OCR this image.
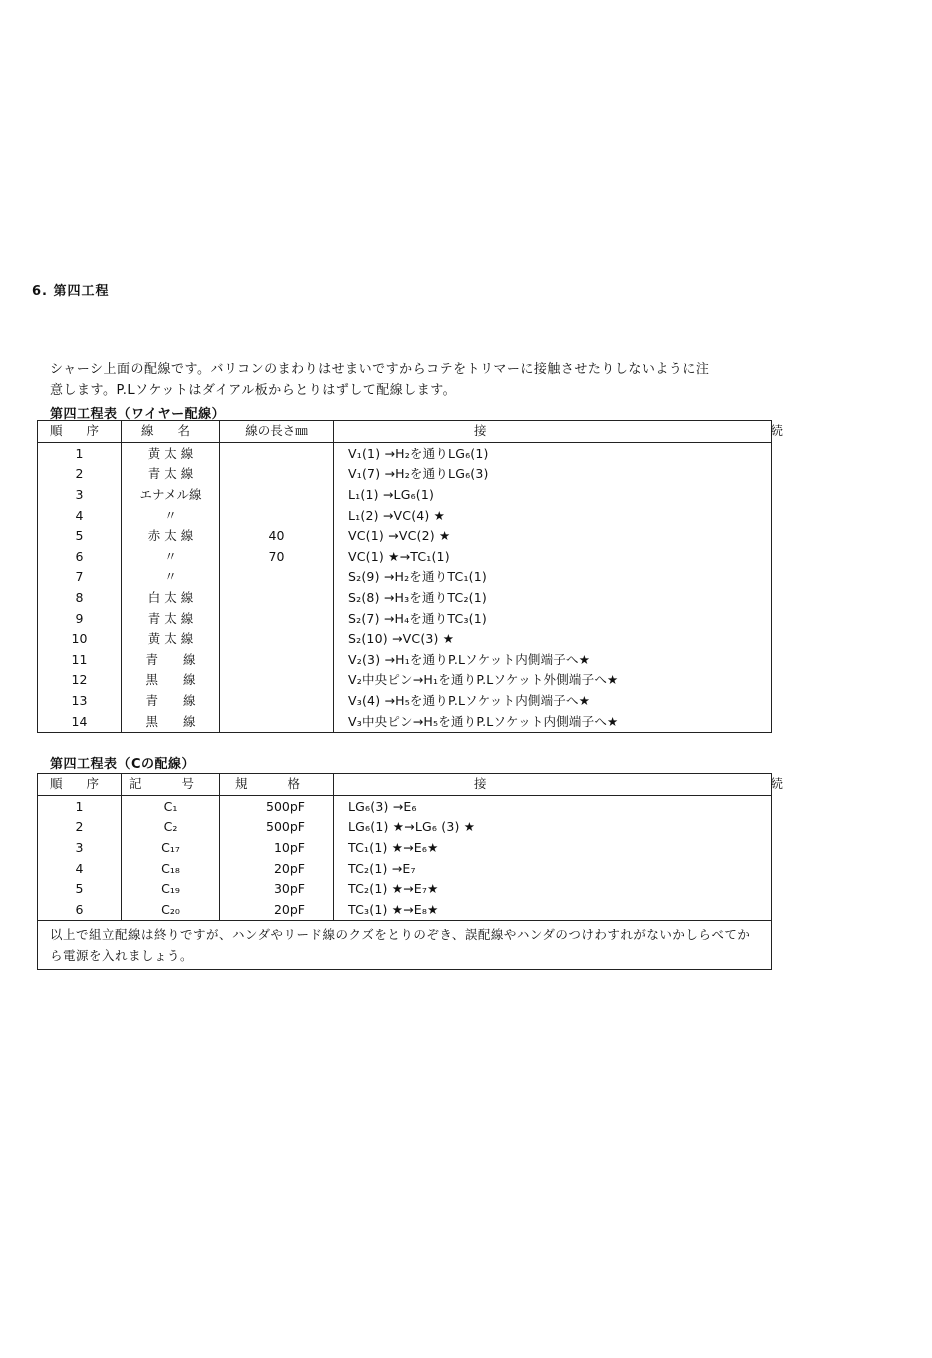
6. 第四工程
シャーシ上面の配線です。バリコンのまわりはせまいですからコテをトリマーに接触させたりしないように注
意します。P.Lソケットはダイアル板からとりはずして配線します。
第四工程表（ワイヤー配線）
順 序	線 名	線の長さ㎜	接 続
1	黄 太 線		V₁(1) →H₂を通りLG₆(1)
2	青 太 線		V₁(7) →H₂を通りLG₆(3)
3	エナメル線		L₁(1) →LG₆(1)
4	〃		L₁(2) →VC(4) ★
5	赤 太 線	40	VC(1) →VC(2) ★
6	〃	70	VC(1) ★→TC₁(1)
7	〃		S₂(9) →H₂を通りTC₁(1)
8	白 太 線		S₂(8) →H₃を通りTC₂(1)
9	青 太 線		S₂(7) →H₄を通りTC₃(1)
10	黄 太 線		S₂(10) →VC(3) ★
11	青　　線		V₂(3) →H₁を通りP.Lソケット内側端子へ★
12	黒　　線		V₂中央ピン→H₁を通りP.Lソケット外側端子へ★
13	青　　線		V₃(4) →H₅を通りP.Lソケット内側端子へ★
14	黒　　線		V₃中央ピン→H₅を通りP.Lソケット内側端子へ★
第四工程表（Cの配線）
順 序	記 号	規 格	接 続
1	C₁	500pF	LG₆(3) →E₆
2	C₂	500pF	LG₆(1) ★→LG₆ (3) ★
3	C₁₇	10pF	TC₁(1) ★→E₆★
4	C₁₈	20pF	TC₂(1) →E₇
5	C₁₉	30pF	TC₂(1) ★→E₇★
6	C₂₀	20pF	TC₃(1) ★→E₈★
以上で組立配線は終りですが、ハンダやリード線のクズをとりのぞき、誤配線やハンダのつけわすれがないかしらべてから電源を入れましょう。			
